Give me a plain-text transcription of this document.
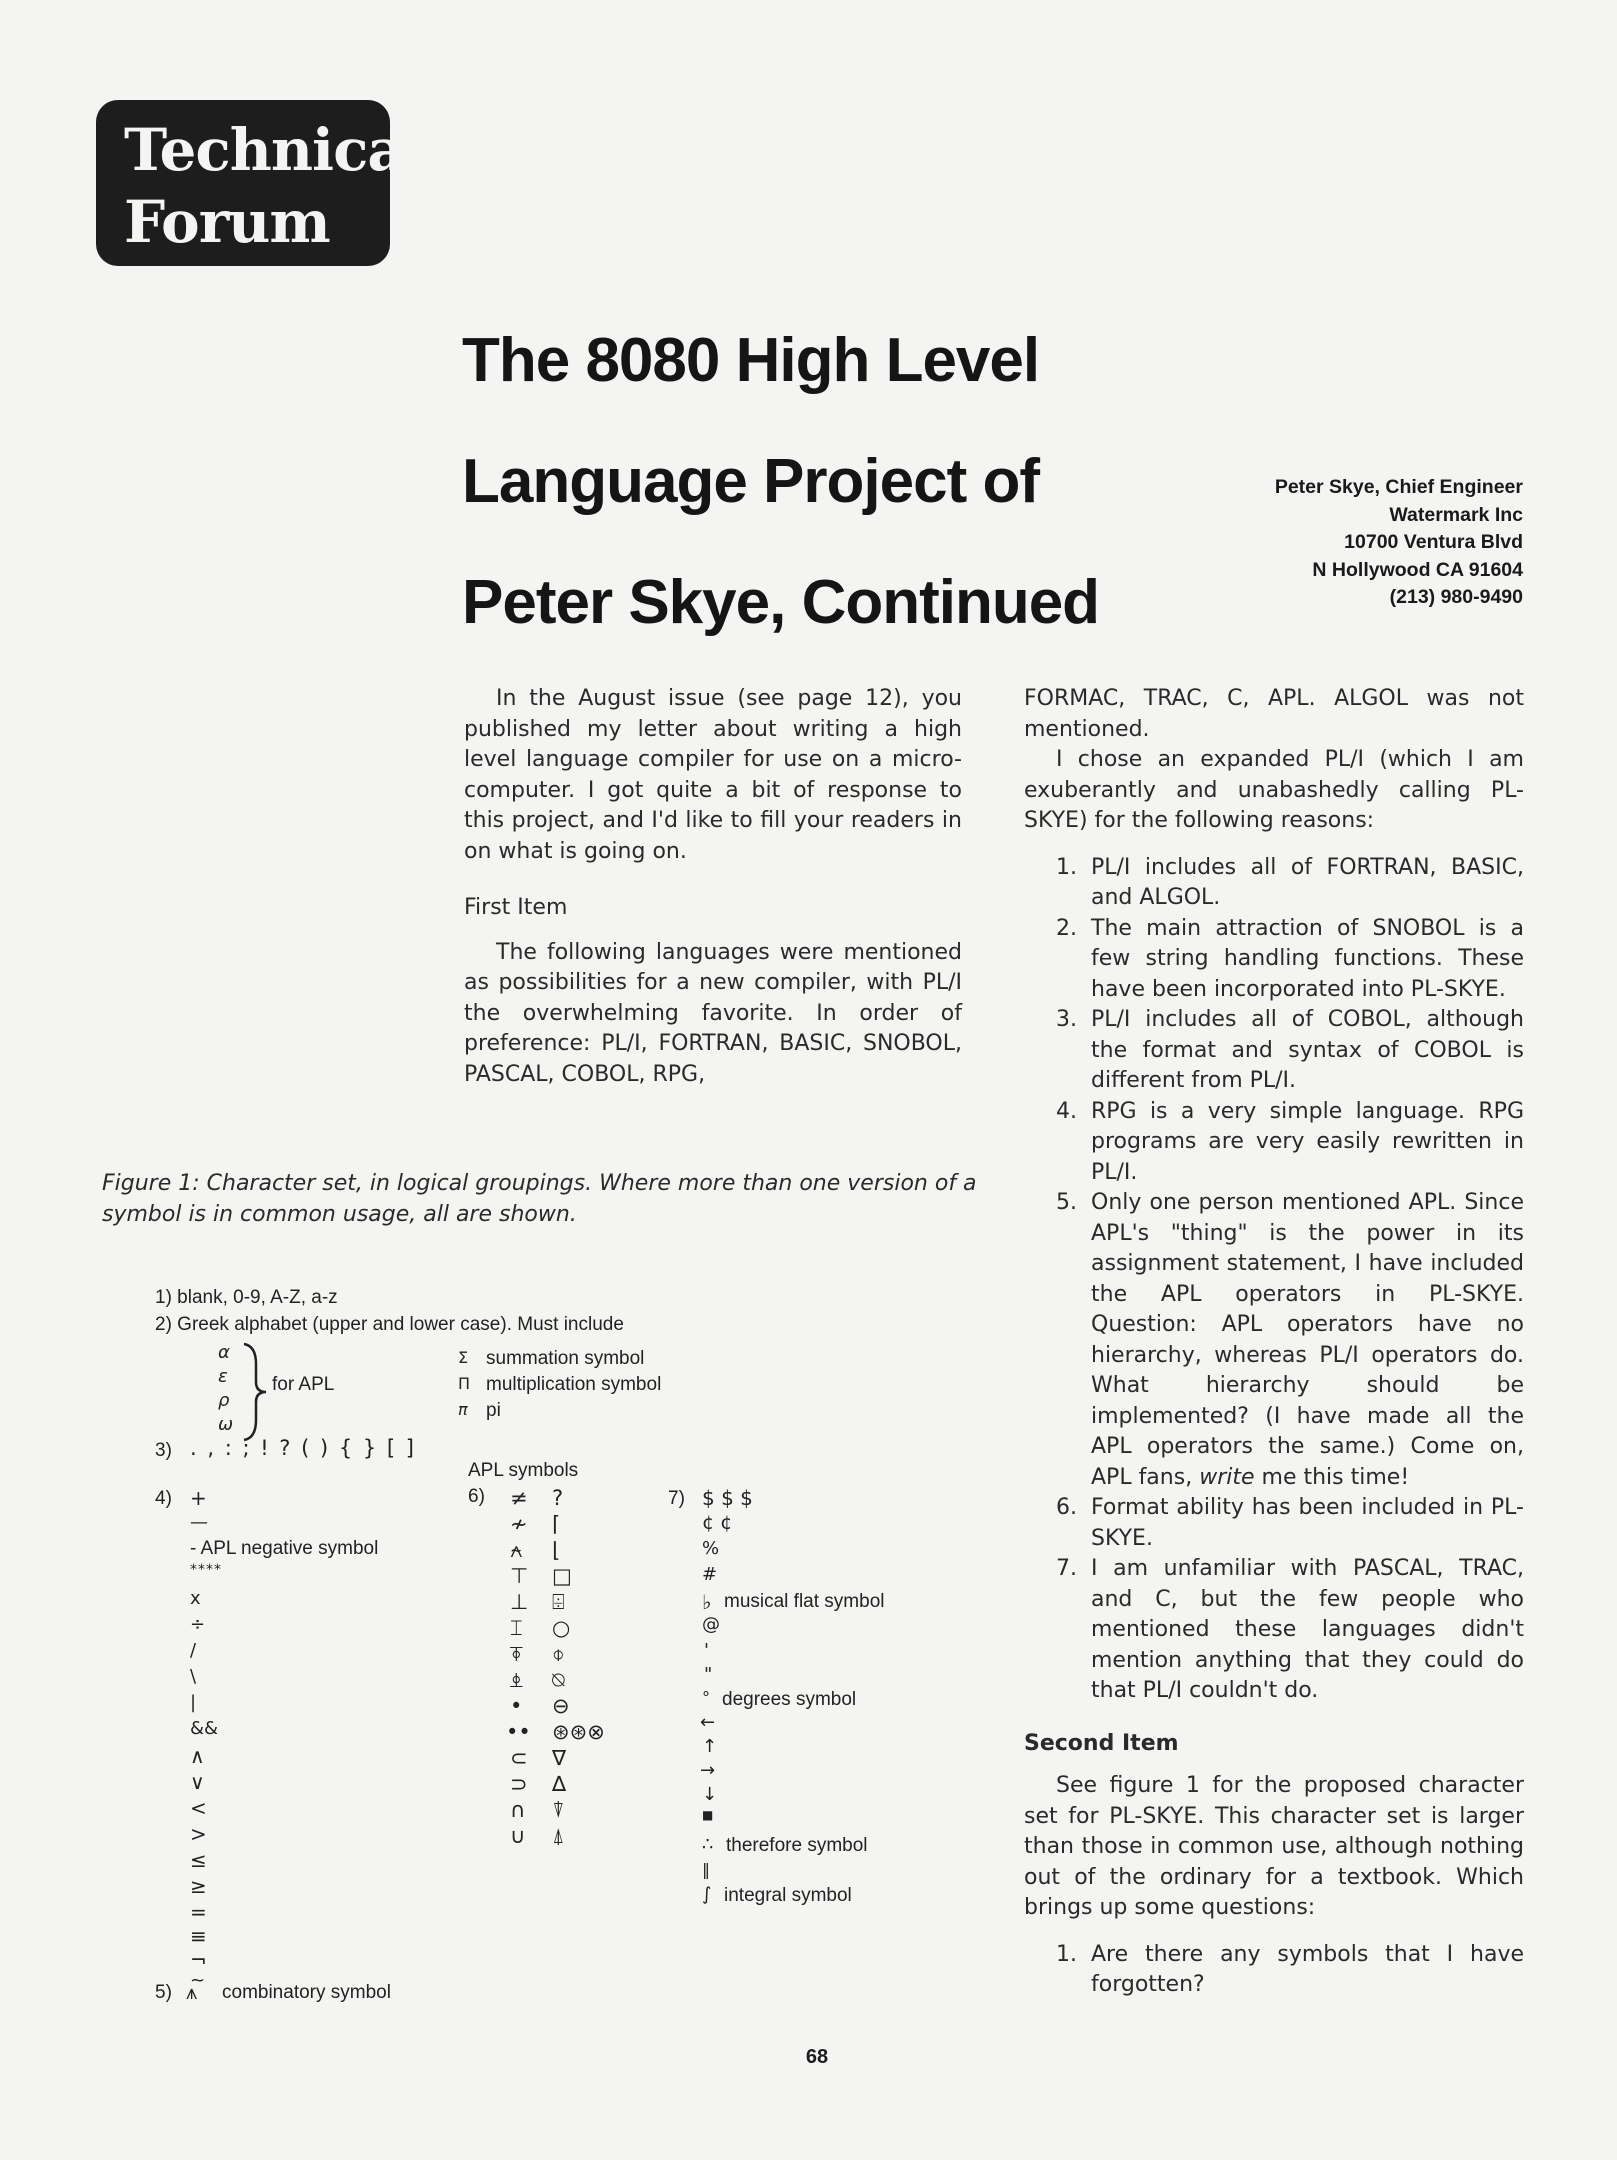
Technical
Forum
The 8080 High Level
Language Project of
Peter Skye, Continued
Peter Skye, Chief Engineer
Watermark Inc
10700 Ventura Blvd
N Hollywood CA 91604
(213) 980-9490

In the August issue (see page 12), you published my letter about writing a high level language compiler for use on a micro-computer. I got quite a bit of response to this project, and I'd like to fill your readers in on what is going on.

First Item

The following languages were mentioned as possibilities for a new compiler, with PL/I the overwhelming favorite. In order of preference: PL/I, FORTRAN, BASIC, SNOBOL, PASCAL, COBOL, RPG,

FORMAC, TRAC, C, APL. ALGOL was not mentioned.

I chose an expanded PL/I (which I am exuberantly and unabashedly calling PL-SKYE) for the following reasons:

1. PL/I includes all of FORTRAN, BASIC, and ALGOL.
2. The main attraction of SNOBOL is a few string handling functions. These have been incorporated into PL-SKYE.
3. PL/I includes all of COBOL, although the format and syntax of COBOL is different from PL/I.
4. RPG is a very simple language. RPG programs are very easily rewritten in PL/I.
5. Only one person mentioned APL. Since APL's "thing" is the power in its assignment statement, I have included the APL operators in PL-SKYE. Question: APL operators have no hierarchy, whereas PL/I operators do. What hierarchy should be implemented? (I have made all the APL operators the same.) Come on, APL fans, write me this time!
6. Format ability has been included in PL-SKYE.
7. I am unfamiliar with PASCAL, TRAC, and C, but the few people who mentioned these languages didn't mention anything that they could do that PL/I couldn't do.
Second Item

See figure 1 for the proposed character set for PL-SKYE. This character set is larger than those in common use, although nothing out of the ordinary for a textbook. Which brings up some questions:

1. Are there any symbols that I have forgotten?
Figure 1: Character set, in logical groupings. Where more than one version of a symbol is in common usage, all are shown.
1) blank, 0-9, A-Z, a-z
2) Greek alphabet (upper and lower case). Must include
α
ε
ρ
ω
for APL
Σ summation symbol
Π multiplication symbol
π pi
3) . , : ; ! ? ( ) { } [ ]
4) +
—
- APL negative symbol
****
x
÷
/
\
|
&&
∧
∨
<
>
≤
≥
=
≡
¬
~
5) ⩚ combinatory symbol
APL symbols
6) ≠
≁
⍲
⊤
⊥
⌶
⍕
⍎
•
••
⊂
⊃
∩
∪
?
⌈
⌊
□
⌹
○
⌽
⍉
⊖
⊛⊛⊗
∇
∆
⍒
⍋
7) $ $ $
¢ ¢
%
#
♭ musical flat symbol
@
'
"
° degrees symbol
←
↑
→
↓
■
∴ therefore symbol
‖
∫ integral symbol
68
